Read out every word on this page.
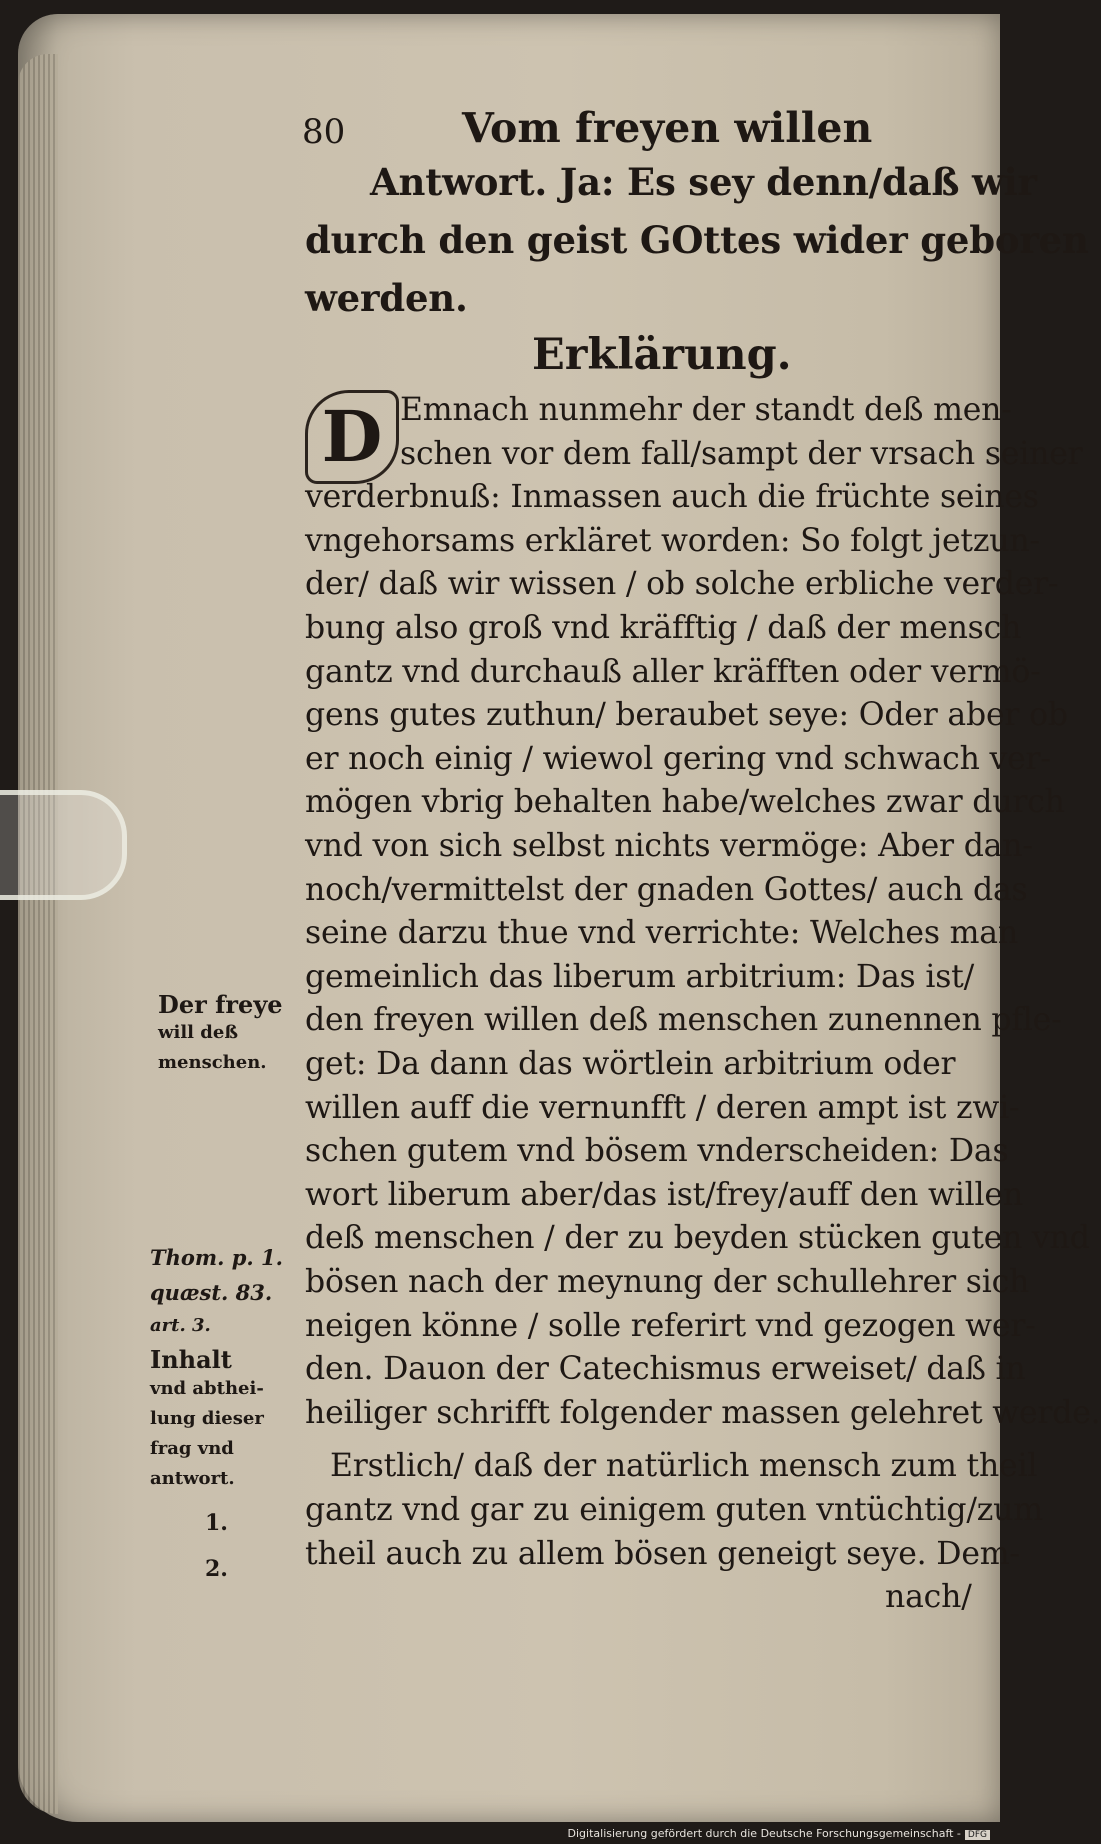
80	Vom freyen willen
Antwort. Ja: Es sey denn/daß wir
durch den geist GOttes wider geboren
werden.
Erklärung.
D Emnach nunmehr der standt deß men-
schen vor dem fall/sampt der vrsach seiner
verderbnuß: Inmassen auch die früchte seines
vngehorsams erkläret worden: So folgt jetzun-
der/ daß wir wissen / ob solche erbliche verder-
bung also groß vnd kräfftig / daß der mensch
gantz vnd durchauß aller kräfften oder vermö-
gens gutes zuthun/ beraubet seye: Oder aber ob
er noch einig / wiewol gering vnd schwach ver-
mögen vbrig behalten habe/welches zwar durch
vnd von sich selbst nichts vermöge: Aber dan-
noch/vermittelst der gnaden Gottes/ auch das
seine darzu thue vnd verrichte: Welches man
gemeinlich das liberum arbitrium: Das ist/
den freyen willen deß menschen zunennen pfle-
get: Da dann das wörtlein arbitrium oder
willen auff die vernunfft / deren ampt ist zwi-
schen gutem vnd bösem vnderscheiden: Das
wort liberum aber/das ist/frey/auff den willen
deß menschen / der zu beyden stücken guten vnd
bösen nach der meynung der schullehrer sich
neigen könne / solle referirt vnd gezogen wer-
den. Dauon der Catechismus erweiset/ daß in
heiliger schrifft folgender massen gelehret werde.
Erstlich/ daß der natürlich mensch zum theil
gantz vnd gar zu einigem guten vntüchtig/zum
theil auch zu allem bösen geneigt seye. Dem-
nach/
Der freye
will deß
menschen.
Thom. p. 1.
quæst. 83.
art. 3.
Inhalt
vnd abthei-
lung dieser
frag vnd
antwort.
1.
2.
Digitalisierung gefördert durch die Deutsche Forschungsgemeinschaft - DFG
